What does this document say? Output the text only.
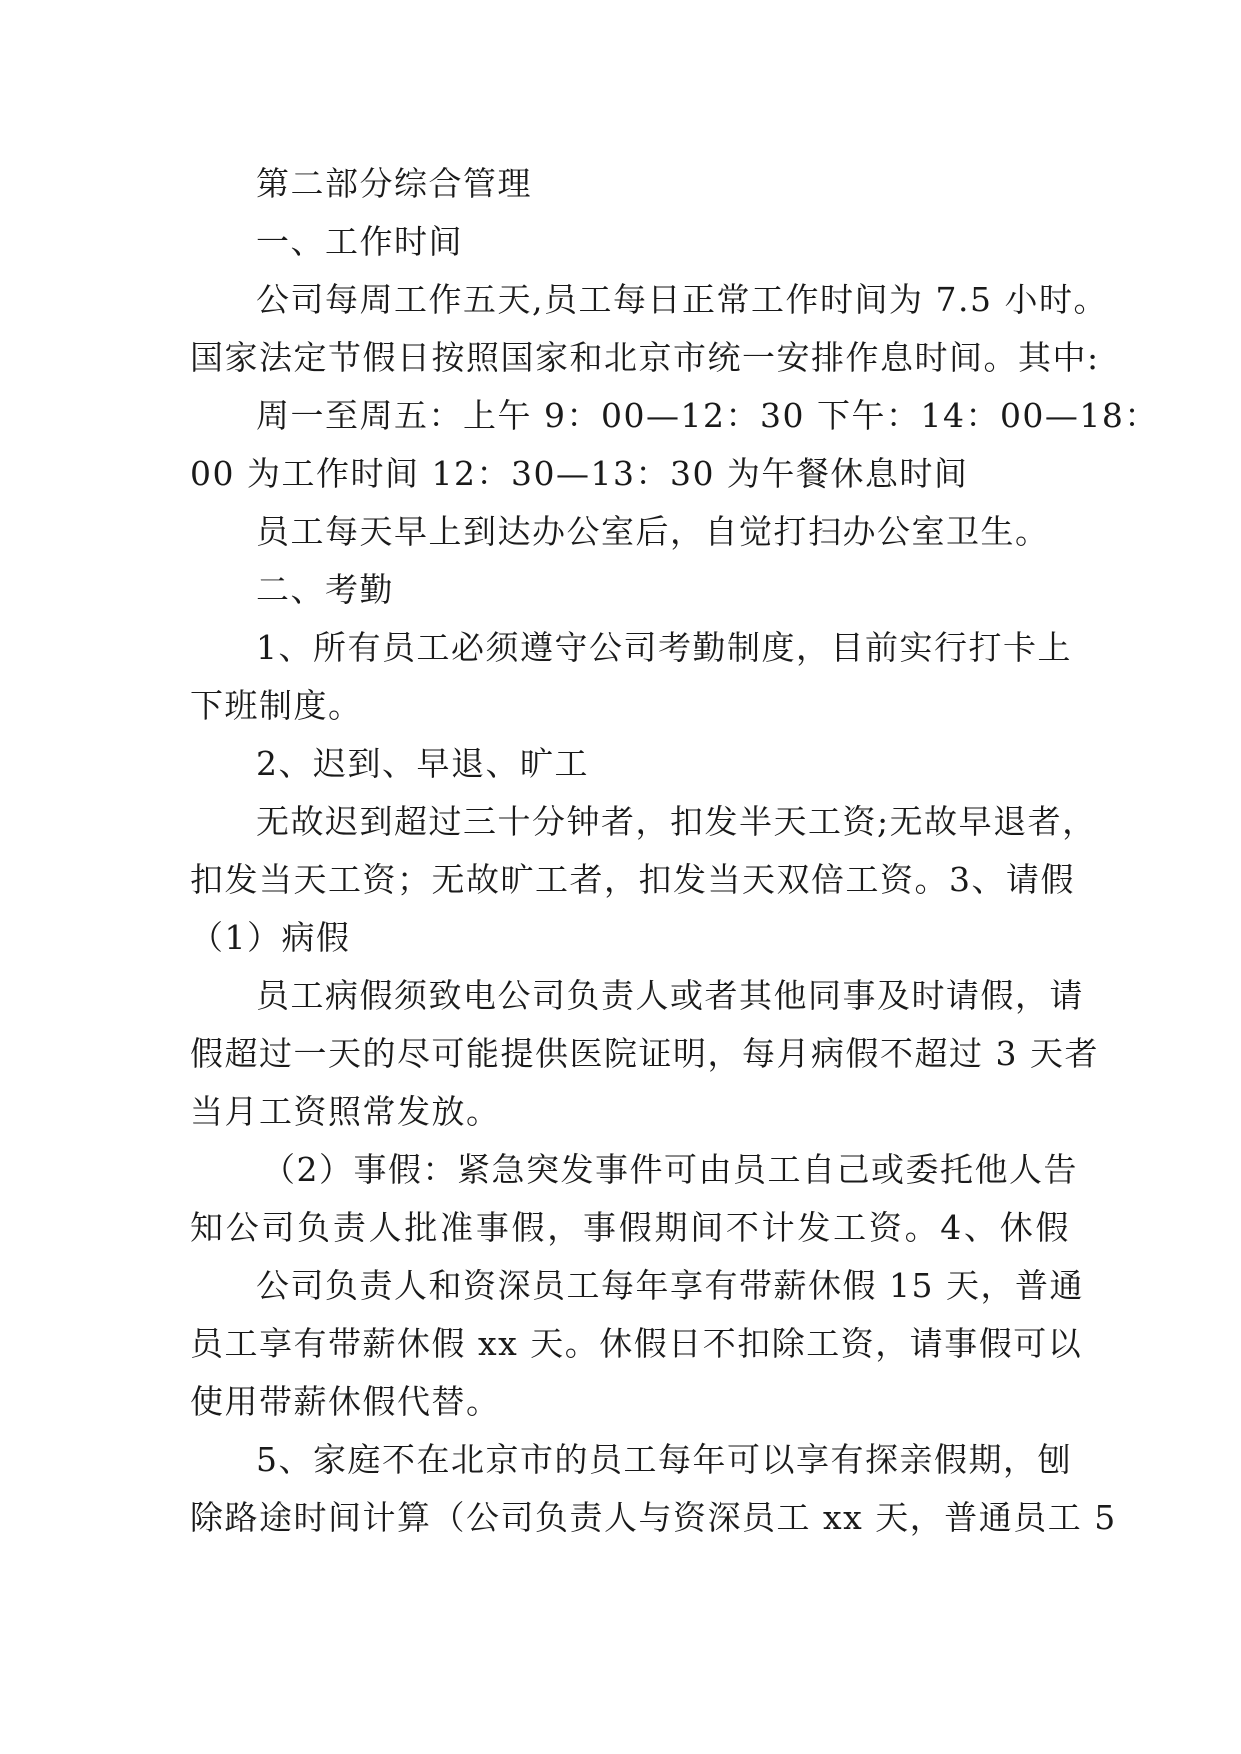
第二部分综合管理
一、工作时间
公司每周工作五天,员工每日正常工作时间为 7.5 小时。
国家法定节假日按照国家和北京市统一安排作息时间。其中:
周一至周五：上午 9：00—12：30 下午：14：00—18：
00 为工作时间 12：30—13：30 为午餐休息时间
员工每天早上到达办公室后，自觉打扫办公室卫生。
二、考勤
1、所有员工必须遵守公司考勤制度，目前实行打卡上
下班制度。
2、迟到、早退、旷工
无故迟到超过三十分钟者，扣发半天工资;无故早退者，
扣发当天工资；无故旷工者，扣发当天双倍工资。3、请假
（1）病假
员工病假须致电公司负责人或者其他同事及时请假，请
假超过一天的尽可能提供医院证明，每月病假不超过 3 天者
当月工资照常发放。
（2）事假：紧急突发事件可由员工自己或委托他人告
知公司负责人批准事假，事假期间不计发工资。4、休假
公司负责人和资深员工每年享有带薪休假 15 天，普通
员工享有带薪休假 xx 天。休假日不扣除工资，请事假可以
使用带薪休假代替。
5、家庭不在北京市的员工每年可以享有探亲假期，刨
除路途时间计算（公司负责人与资深员工 xx 天，普通员工 5
